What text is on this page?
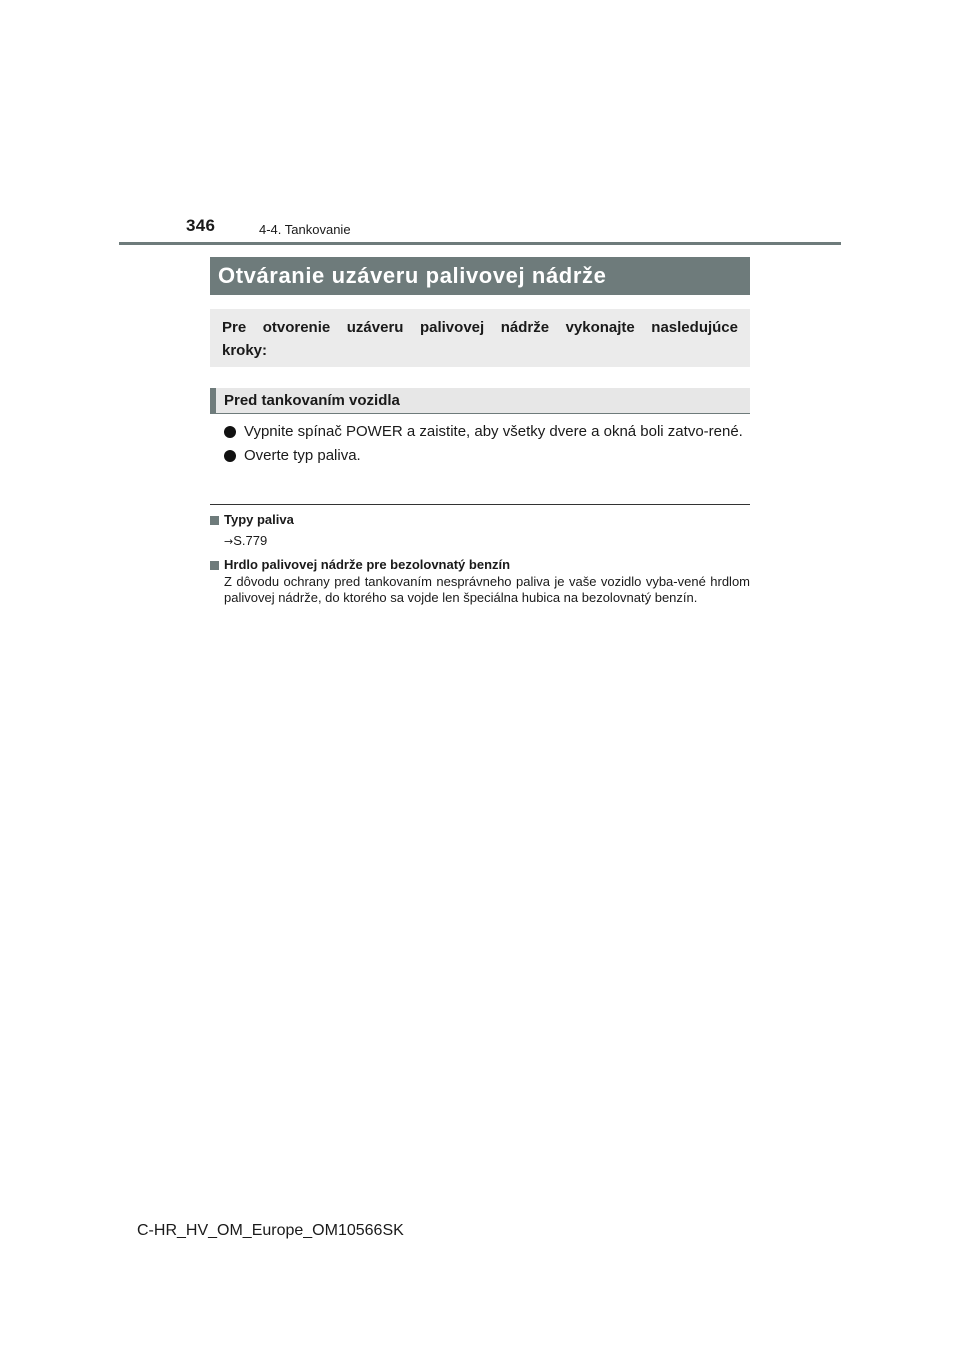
346	4-4. Tankovanie
Otváranie uzáveru palivovej nádrže
Pre otvorenie uzáveru palivovej nádrže vykonajte nasledujúce kroky:
Pred tankovaním vozidla
Vypnite spínač POWER a zaistite, aby všetky dvere a okná boli zatvo-rené.
Overte typ paliva.
Typy paliva
→S.779
Hrdlo palivovej nádrže pre bezolovnatý benzín
Z dôvodu ochrany pred tankovaním nesprávneho paliva je vaše vozidlo vyba-vené hrdlom palivovej nádrže, do ktorého sa vojde len špeciálna hubica na bezolovnatý benzín.
C-HR_HV_OM_Europe_OM10566SK
